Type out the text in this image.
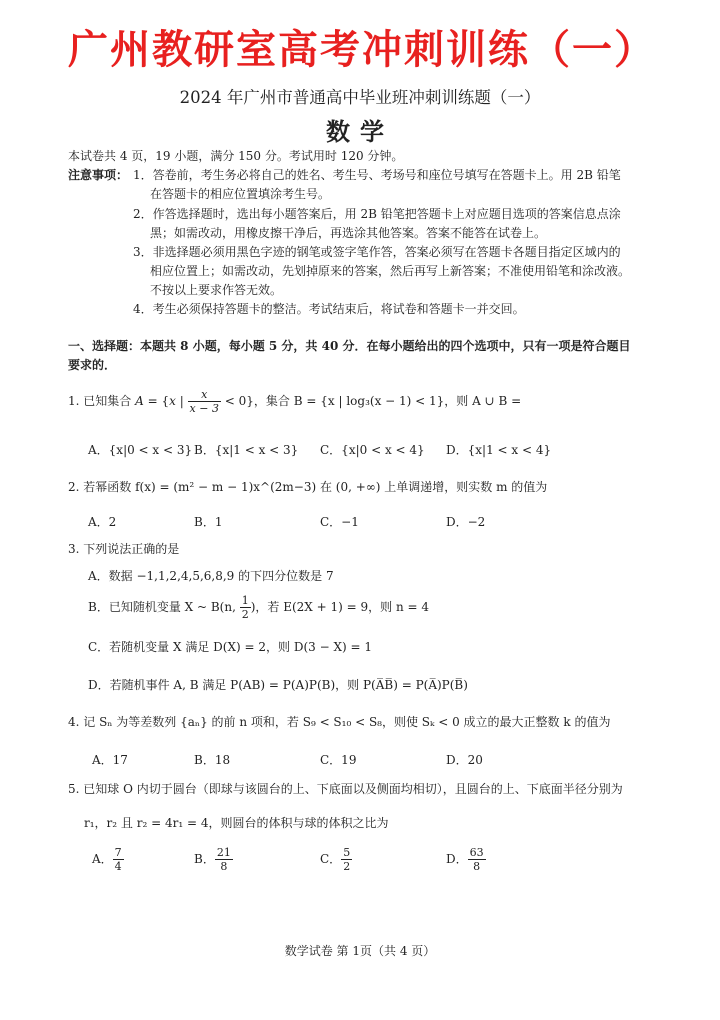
广州教研室高考冲刺训练（一）
2024 年广州市普通高中毕业班冲刺训练题（一）
数学
本试卷共 4 页，19 小题，满分 150 分。考试用时 120 分钟。
注意事项： 1．答卷前，考生务必将自己的姓名、考生号、考场号和座位号填写在答题卡上。用 2B 铅笔
在答题卡的相应位置填涂考生号。
2．作答选择题时，选出每小题答案后，用 2B 铅笔把答题卡上对应题目选项的答案信息点涂
黑；如需改动，用橡皮擦干净后，再选涂其他答案。答案不能答在试卷上。
3．非选择题必须用黑色字迹的钢笔或签字笔作答，答案必须写在答题卡各题目指定区域内的
相应位置上；如需改动，先划掉原来的答案，然后再写上新答案；不准使用铅笔和涂改液。
不按以上要求作答无效。
4．考生必须保持答题卡的整洁。考试结束后，将试卷和答题卡一并交回。
一、选择题：本题共 8 小题，每小题 5 分，共 40 分．在每小题给出的四个选项中，只有一项是符合题目
要求的．
1. 已知集合 A = {x | $\frac{x}{x - 3} < 0$}，集合 B = {x | log₃(x − 1) < 1}，则 A ∪ B =
A．{x|0 < x < 3} B．{x|1 < x < 3} C．{x|0 < x < 4} D．{x|1 < x < 4}
2. 若幂函数 f(x) = (m² − m − 1)x^(2m−3) 在 (0, +∞) 上单调递增，则实数 m 的值为
A．2	B．1	C．−1	D．−2
3. 下列说法正确的是
A．数据 −1,1,2,4,5,6,8,9 的下四分位数是 7
B．已知随机变量 X ~ B(n, $\frac{1}{2}$ )，若 E(2X + 1) = 9，则 n = 4
C．若随机变量 X 满足 D(X) = 2，则 D(3 − X) = 1
D．若随机事件 A, B 满足 P(AB) = P(A)P(B)，则 P(A̅B̅) = P(A̅)P(B̅)
4. 记 Sₙ 为等差数列 {aₙ} 的前 n 项和，若 S₉ < S₁₀ < S₈，则使 Sₖ < 0 成立的最大正整数 k 的值为
A．17	B．18	C．19	D．20
5. 已知球 O 内切于圆台（即球与该圆台的上、下底面以及侧面均相切），且圆台的上、下底面半径分别为
r₁，r₂ 且 r₂ = 4r₁ = 4，则圆台的体积与球的体积之比为
A． $\frac{7}{4}$	B． $\frac{21}{8}$	C． $\frac{5}{2}$	D． $\frac{63}{8}$
数学试卷 第 1页（共 4 页）
